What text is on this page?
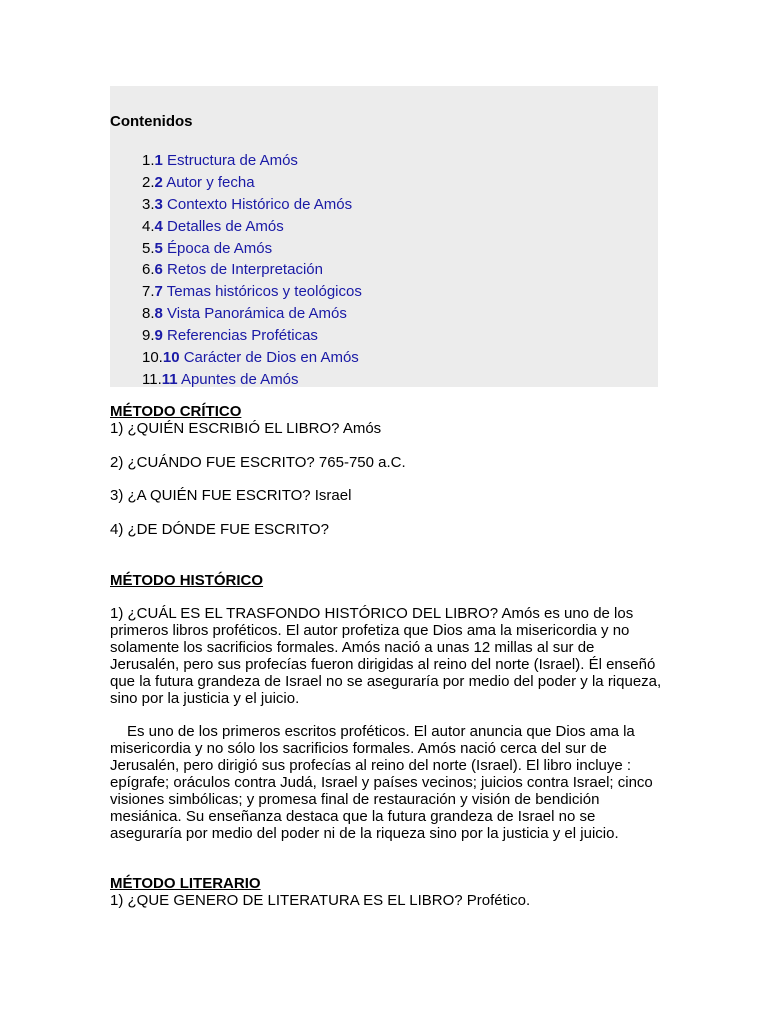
Contenidos
1.1 Estructura de Amós
2.2 Autor y fecha
3.3 Contexto Histórico de Amós
4.4 Detalles de Amós
5.5 Época de Amós
6.6 Retos de Interpretación
7.7 Temas históricos y teológicos
8.8 Vista Panorámica de Amós
9.9 Referencias Proféticas
10.10 Carácter de Dios en Amós
11.11 Apuntes de Amós
MÉTODO CRÍTICO

1) ¿QUIÉN ESCRIBIÓ EL LIBRO? Amós

2) ¿CUÁNDO FUE ESCRITO? 765-750 a.C.

3) ¿A QUIÉN FUE ESCRITO? Israel

4) ¿DE DÓNDE FUE ESCRITO?

MÉTODO HISTÓRICO

1) ¿CUÁL ES EL TRASFONDO HISTÓRICO DEL LIBRO? Amós es uno de los primeros libros proféticos. El autor profetiza que Dios ama la misericordia y no solamente los sacrificios formales. Amós nació a unas 12 millas al sur de Jerusalén, pero sus profecías fueron dirigidas al reino del norte (Israel). Él enseñó que la futura grandeza de Israel no se aseguraría por medio del poder y la riqueza, sino por la justicia y el juicio.

Es uno de los primeros escritos proféticos. El autor anuncia que Dios ama la misericordia y no sólo los sacrificios formales. Amós nació cerca del sur de Jerusalén, pero dirigió sus profecías al reino del norte (Israel). El libro incluye : epígrafe; oráculos contra Judá, Israel y países vecinos; juicios contra Israel; cinco visiones simbólicas; y promesa final de restauración y visión de bendición mesiánica. Su enseñanza destaca que la futura grandeza de Israel no se aseguraría por medio del poder ni de la riqueza sino por la justicia y el juicio.

MÉTODO LITERARIO

1) ¿QUE GENERO DE LITERATURA ES EL LIBRO? Profético.
